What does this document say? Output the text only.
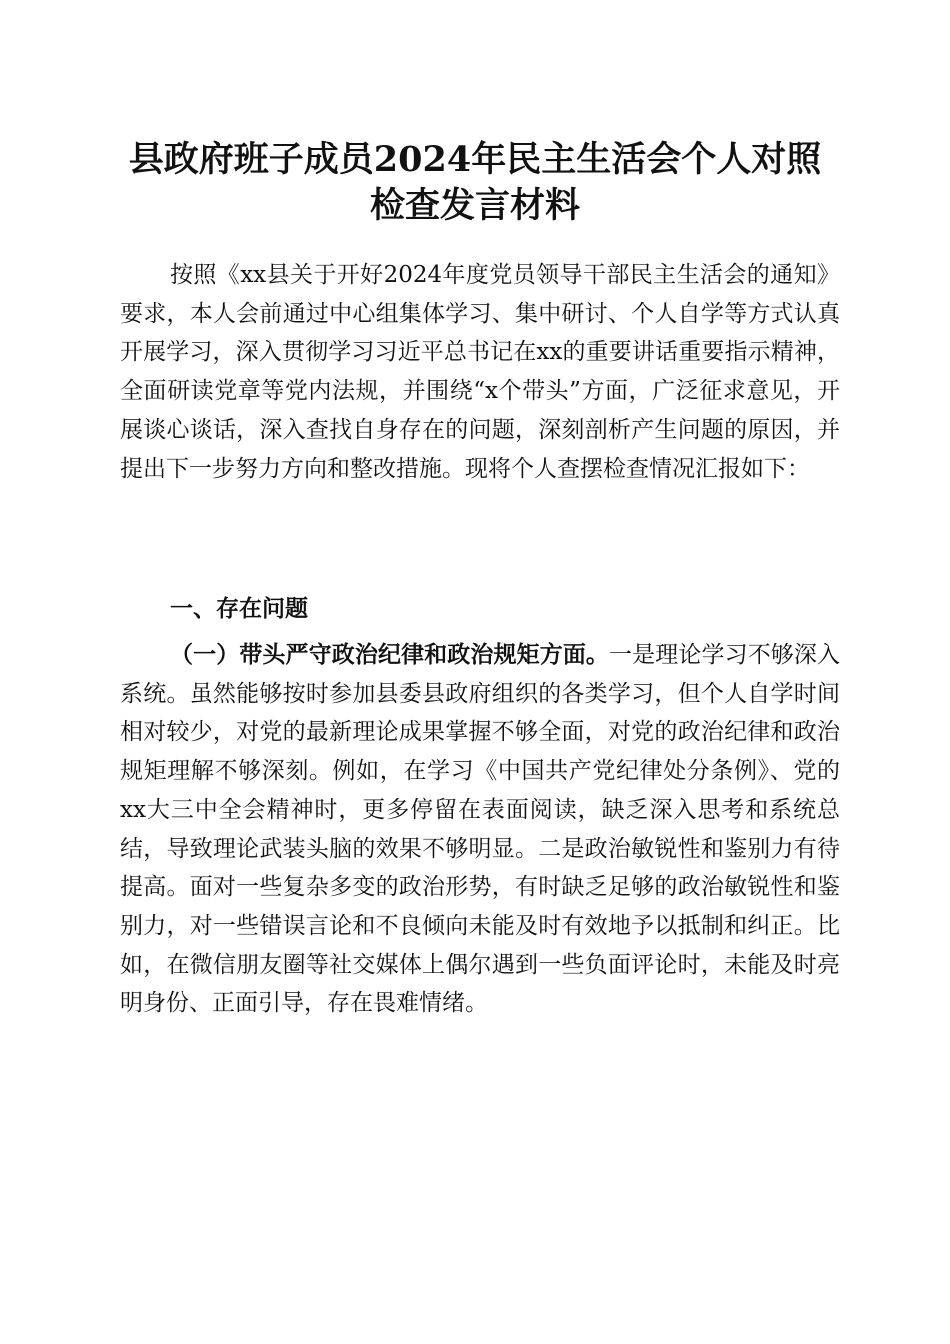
县政府班子成员2024年民主生活会个人对照
检查发言材料

按照《xx县关于开好2024年度党员领导干部民主生活会的通知》要求，本人会前通过中心组集体学习、集中研讨、个人自学等方式认真开展学习，深入贯彻学习习近平总书记在xx的重要讲话重要指示精神，全面研读党章等党内法规，并围绕“x个带头”方面，广泛征求意见，开展谈心谈话，深入查找自身存在的问题，深刻剖析产生问题的原因，并提出下一步努力方向和整改措施。现将个人查摆检查情况汇报如下：

一、存在问题

（一）带头严守政治纪律和政治规矩方面。一是理论学习不够深入系统。虽然能够按时参加县委县政府组织的各类学习，但个人自学时间相对较少，对党的最新理论成果掌握不够全面，对党的政治纪律和政治规矩理解不够深刻。例如，在学习《中国共产党纪律处分条例》、党的xx大三中全会精神时，更多停留在表面阅读，缺乏深入思考和系统总结，导致理论武装头脑的效果不够明显。二是政治敏锐性和鉴别力有待提高。面对一些复杂多变的政治形势，有时缺乏足够的政治敏锐性和鉴别力，对一些错误言论和不良倾向未能及时有效地予以抵制和纠正。比如，在微信朋友圈等社交媒体上偶尔遇到一些负面评论时，未能及时亮明身份、正面引导，存在畏难情绪。
